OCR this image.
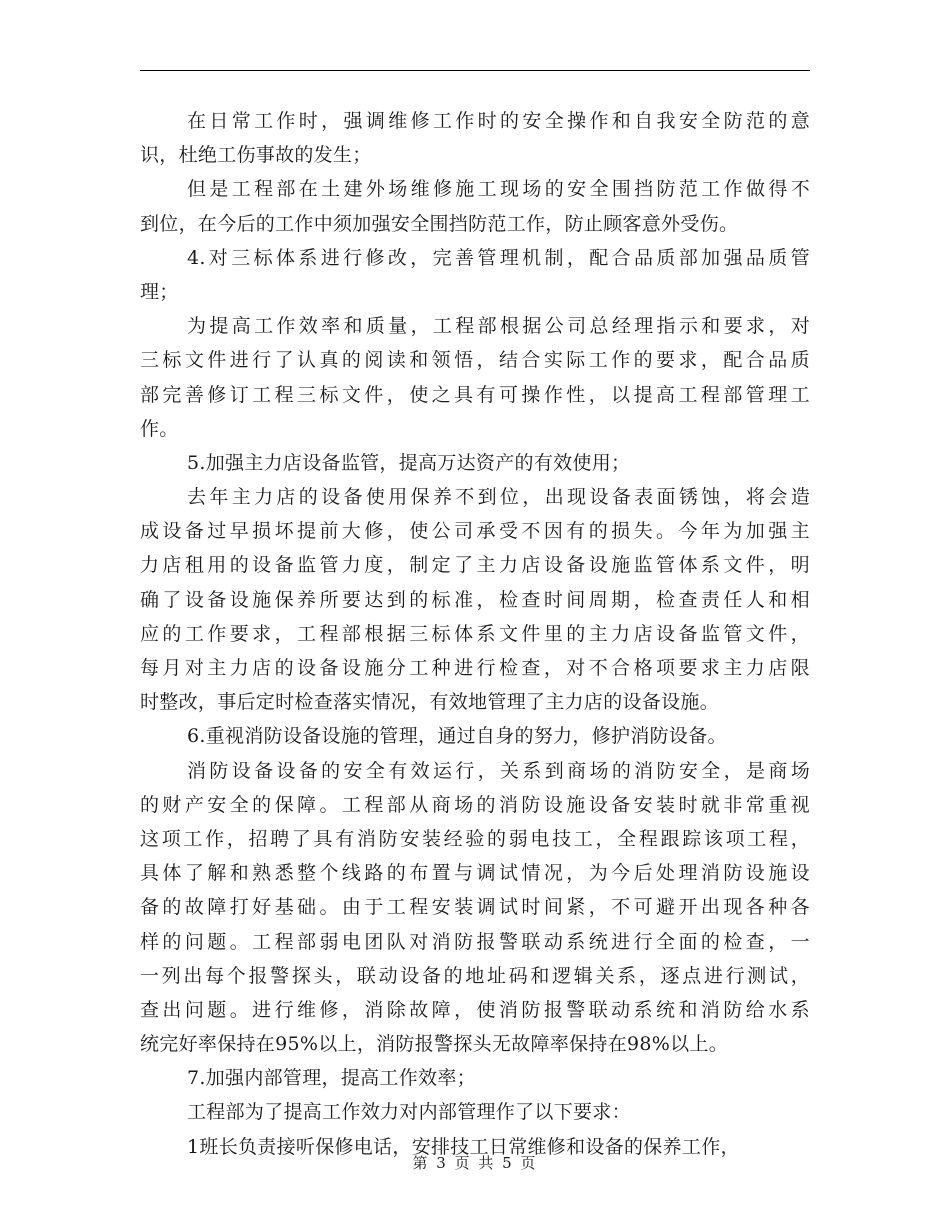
在日常工作时，强调维修工作时的安全操作和自我安全防范的意
识，杜绝工伤事故的发生；
但是工程部在土建外场维修施工现场的安全围挡防范工作做得不
到位，在今后的工作中须加强安全围挡防范工作，防止顾客意外受伤。
4.对三标体系进行修改，完善管理机制，配合品质部加强品质管
理；
为提高工作效率和质量，工程部根据公司总经理指示和要求，对
三标文件进行了认真的阅读和领悟，结合实际工作的要求，配合品质
部完善修订工程三标文件，使之具有可操作性，以提高工程部管理工
作。
5.加强主力店设备监管，提高万达资产的有效使用；
去年主力店的设备使用保养不到位，出现设备表面锈蚀，将会造
成设备过早损坏提前大修，使公司承受不因有的损失。今年为加强主
力店租用的设备监管力度，制定了主力店设备设施监管体系文件，明
确了设备设施保养所要达到的标准，检查时间周期，检查责任人和相
应的工作要求，工程部根据三标体系文件里的主力店设备监管文件，
每月对主力店的设备设施分工种进行检查，对不合格项要求主力店限
时整改，事后定时检查落实情况，有效地管理了主力店的设备设施。
6.重视消防设备设施的管理，通过自身的努力，修护消防设备。
消防设备设备的安全有效运行，关系到商场的消防安全，是商场
的财产安全的保障。工程部从商场的消防设施设备安装时就非常重视
这项工作，招聘了具有消防安装经验的弱电技工，全程跟踪该项工程，
具体了解和熟悉整个线路的布置与调试情况，为今后处理消防设施设
备的故障打好基础。由于工程安装调试时间紧，不可避开出现各种各
样的问题。工程部弱电团队对消防报警联动系统进行全面的检查，一
一列出每个报警探头，联动设备的地址码和逻辑关系，逐点进行测试，
查出问题。进行维修，消除故障，使消防报警联动系统和消防给水系
统完好率保持在95%以上，消防报警探头无故障率保持在98%以上。
7.加强内部管理，提高工作效率；
工程部为了提高工作效力对内部管理作了以下要求：
1班长负责接听保修电话，安排技工日常维修和设备的保养工作，
第 3 页 共 5 页
